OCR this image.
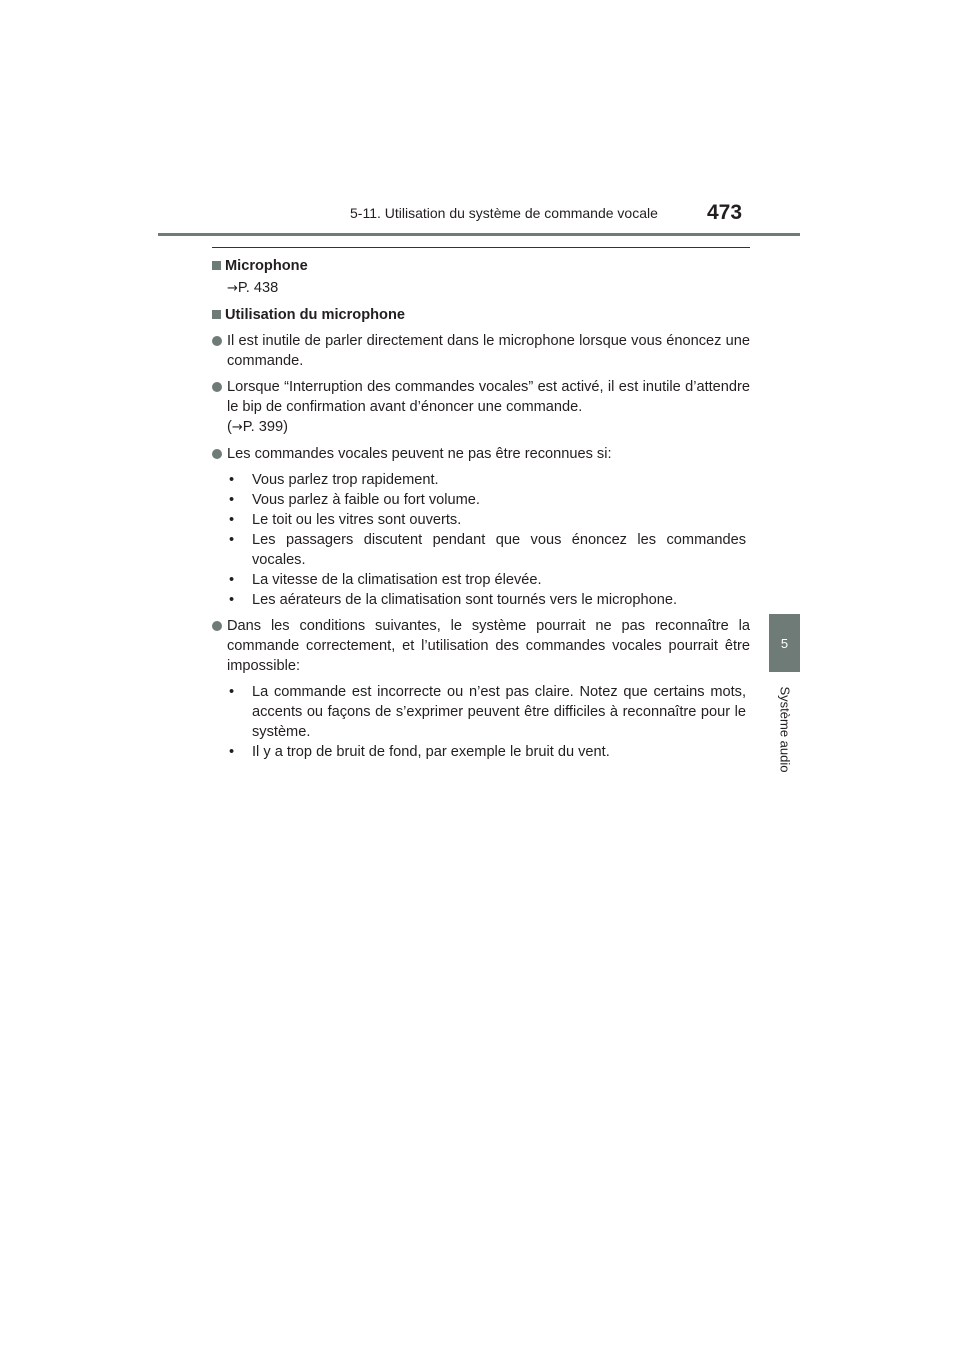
5-11. Utilisation du système de commande vocale	473
5
Système audio
Microphone
→P. 438
Utilisation du microphone
Il est inutile de parler directement dans le microphone lorsque vous énoncez une commande.
Lorsque “Interruption des commandes vocales” est activé, il est inutile d’attendre le bip de confirmation avant d’énoncer une commande.
(→P. 399)
Les commandes vocales peuvent ne pas être reconnues si:
• Vous parlez trop rapidement.
• Vous parlez à faible ou fort volume.
• Le toit ou les vitres sont ouverts.
• Les passagers discutent pendant que vous énoncez les commandes vocales.
• La vitesse de la climatisation est trop élevée.
• Les aérateurs de la climatisation sont tournés vers le microphone.
Dans les conditions suivantes, le système pourrait ne pas reconnaître la commande correctement, et l’utilisation des commandes vocales pourrait être impossible:
• La commande est incorrecte ou n’est pas claire. Notez que certains mots, accents ou façons de s’exprimer peuvent être difficiles à reconnaître pour le système.
• Il y a trop de bruit de fond, par exemple le bruit du vent.
